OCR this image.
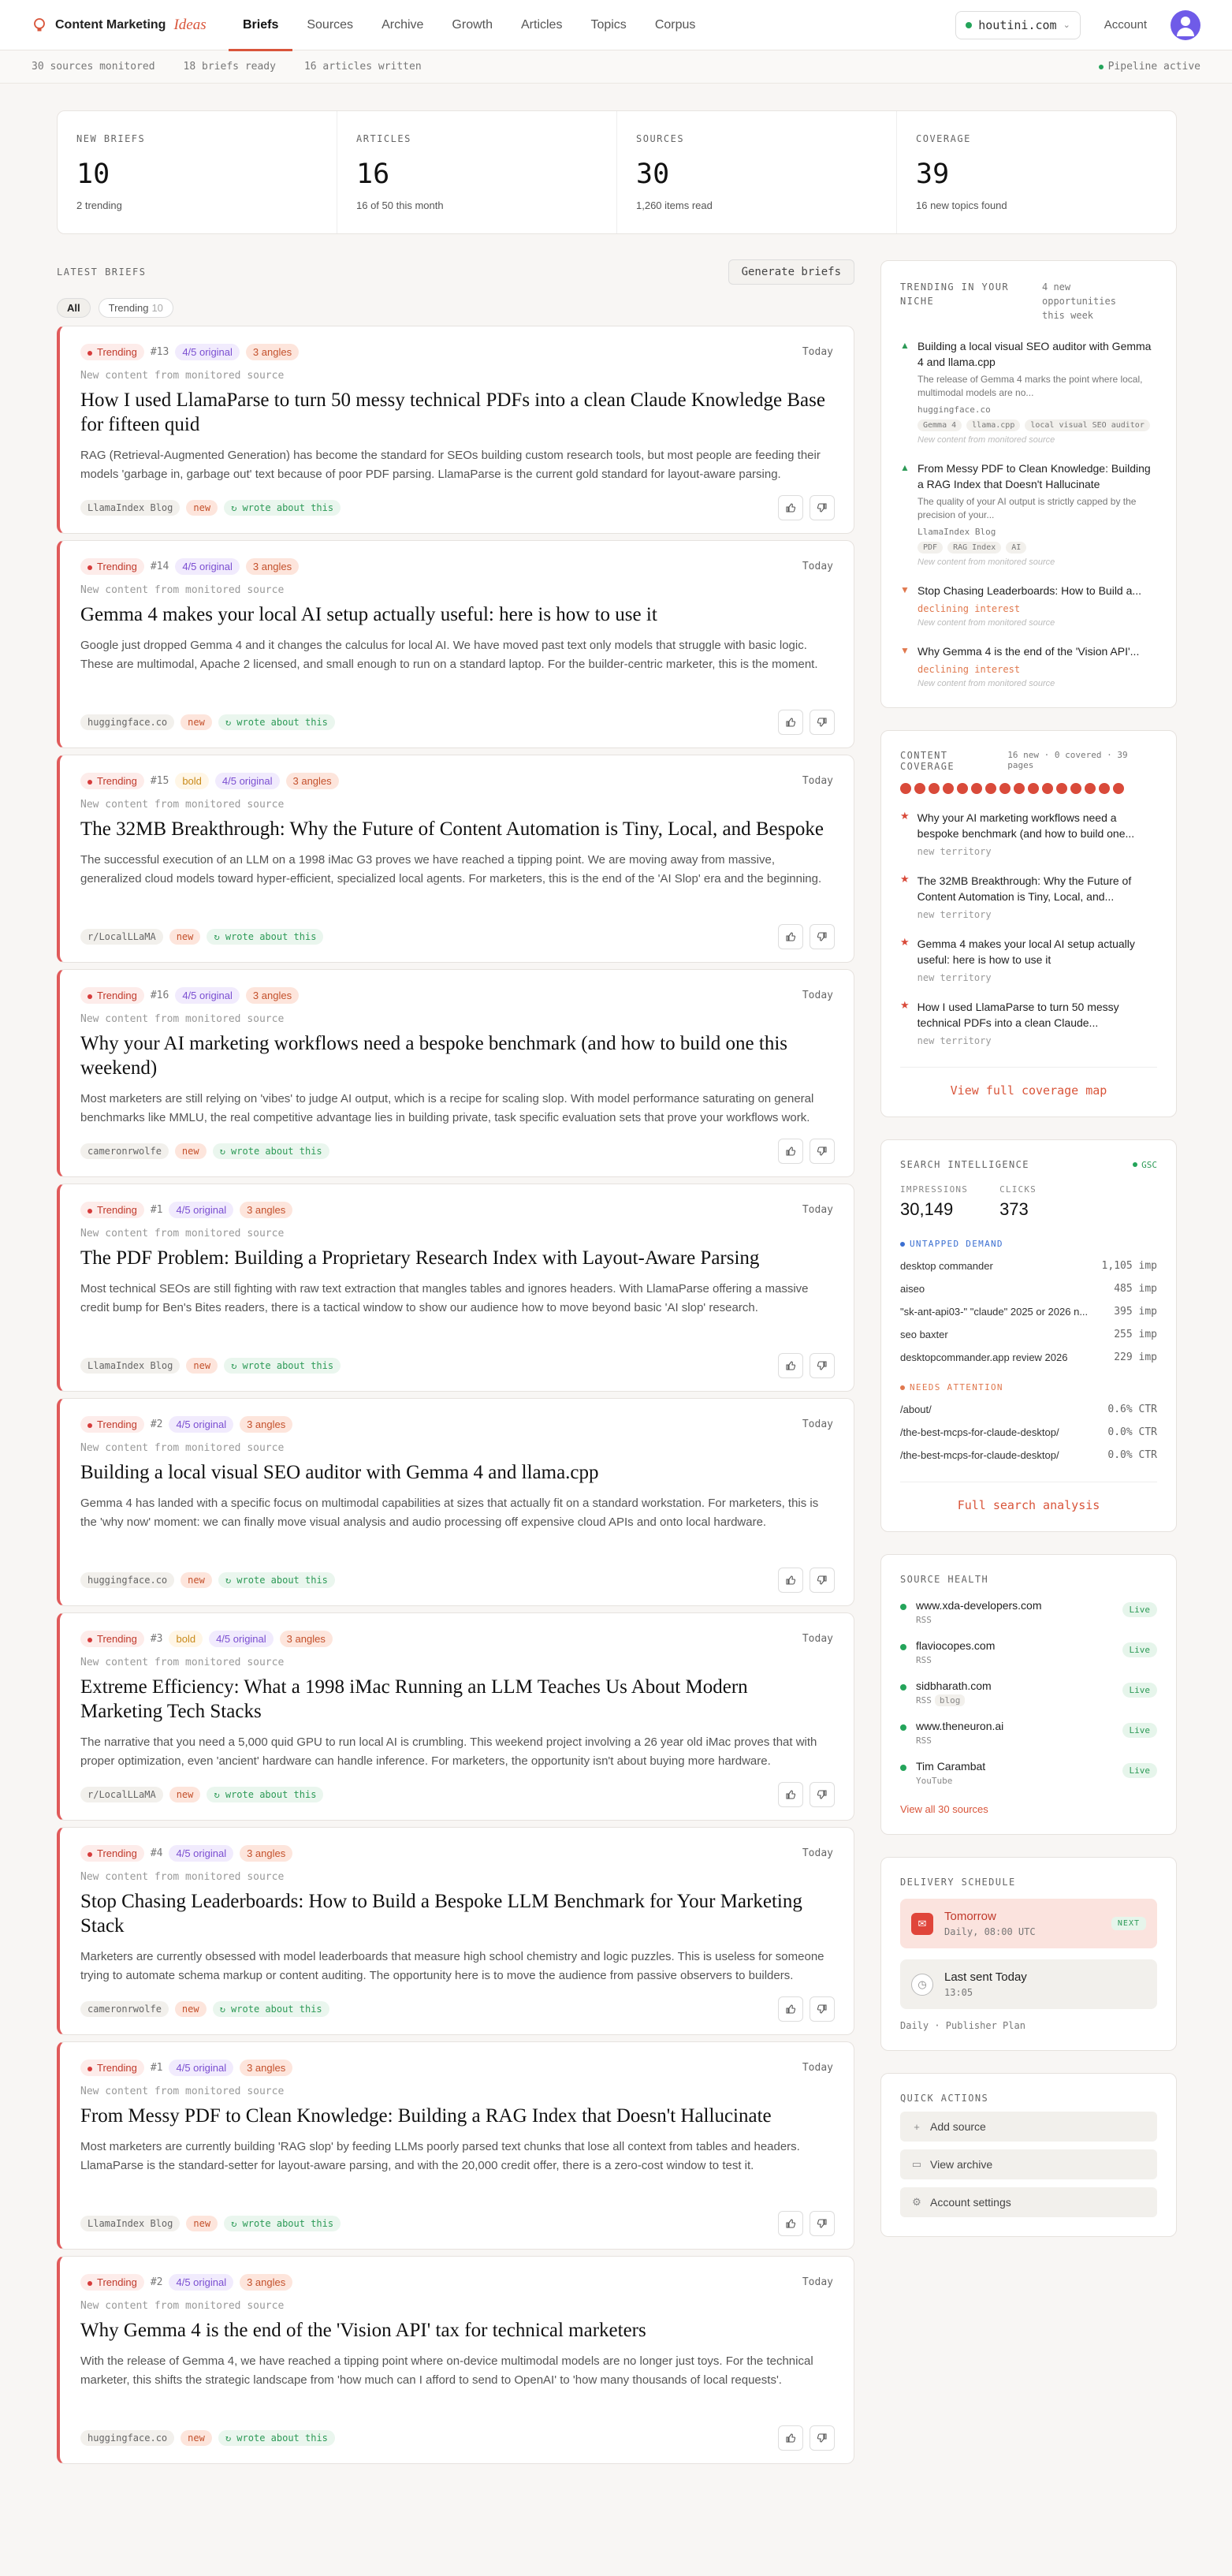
Content Marketing Ideas	Briefs	Sources	Archive	Growth	Articles	Topics	Corpus	houtini.com ⌄	Account
30 sources monitored	18 briefs ready	16 articles written	Pipeline active
NEW BRIEFS
10
2 trending
ARTICLES
16
16 of 50 this month
SOURCES
30
1,260 items read
COVERAGE
39
16 new topics found
LATEST BRIEFS	Generate briefs
All	Trending 10
Trending	#13	4/5 original	3 angles	Today
New content from monitored source
How I used LlamaParse to turn 50 messy technical PDFs into a clean Claude Knowledge Base for fifteen quid
RAG (Retrieval-Augmented Generation) has become the standard for SEOs building custom research tools, but most people are feeding their models 'garbage in, garbage out' text because of poor PDF parsing. LlamaParse is the current gold standard for layout-aware parsing.
LlamaIndex Blog	new	↻ wrote about this
Trending	#14	4/5 original	3 angles	Today
New content from monitored source
Gemma 4 makes your local AI setup actually useful: here is how to use it
Google just dropped Gemma 4 and it changes the calculus for local AI. We have moved past text only models that struggle with basic logic. These are multimodal, Apache 2 licensed, and small enough to run on a standard laptop. For the builder-centric marketer, this is the moment.
huggingface.co	new	↻ wrote about this
Trending	#15	bold	4/5 original	3 angles	Today
New content from monitored source
The 32MB Breakthrough: Why the Future of Content Automation is Tiny, Local, and Bespoke
The successful execution of an LLM on a 1998 iMac G3 proves we have reached a tipping point. We are moving away from massive, generalized cloud models toward hyper-efficient, specialized local agents. For marketers, this is the end of the 'AI Slop' era and the beginning.
r/LocalLLaMA	new	↻ wrote about this
Trending	#16	4/5 original	3 angles	Today
New content from monitored source
Why your AI marketing workflows need a bespoke benchmark (and how to build one this weekend)
Most marketers are still relying on 'vibes' to judge AI output, which is a recipe for scaling slop. With model performance saturating on general benchmarks like MMLU, the real competitive advantage lies in building private, task specific evaluation sets that prove your workflows work.
cameronrwolfe	new	↻ wrote about this
Trending	#1	4/5 original	3 angles	Today
New content from monitored source
The PDF Problem: Building a Proprietary Research Index with Layout-Aware Parsing
Most technical SEOs are still fighting with raw text extraction that mangles tables and ignores headers. With LlamaParse offering a massive credit bump for Ben's Bites readers, there is a tactical window to show our audience how to move beyond basic 'AI slop' research.
LlamaIndex Blog	new	↻ wrote about this
Trending	#2	4/5 original	3 angles	Today
New content from monitored source
Building a local visual SEO auditor with Gemma 4 and llama.cpp
Gemma 4 has landed with a specific focus on multimodal capabilities at sizes that actually fit on a standard workstation. For marketers, this is the 'why now' moment: we can finally move visual analysis and audio processing off expensive cloud APIs and onto local hardware.
huggingface.co	new	↻ wrote about this
Trending	#3	bold	4/5 original	3 angles	Today
New content from monitored source
Extreme Efficiency: What a 1998 iMac Running an LLM Teaches Us About Modern Marketing Tech Stacks
The narrative that you need a 5,000 quid GPU to run local AI is crumbling. This weekend project involving a 26 year old iMac proves that with proper optimization, even 'ancient' hardware can handle inference. For marketers, the opportunity isn't about buying more hardware.
r/LocalLLaMA	new	↻ wrote about this
Trending	#4	4/5 original	3 angles	Today
New content from monitored source
Stop Chasing Leaderboards: How to Build a Bespoke LLM Benchmark for Your Marketing Stack
Marketers are currently obsessed with model leaderboards that measure high school chemistry and logic puzzles. This is useless for someone trying to automate schema markup or content auditing. The opportunity here is to move the audience from passive observers to builders.
cameronrwolfe	new	↻ wrote about this
Trending	#1	4/5 original	3 angles	Today
New content from monitored source
From Messy PDF to Clean Knowledge: Building a RAG Index that Doesn't Hallucinate
Most marketers are currently building 'RAG slop' by feeding LLMs poorly parsed text chunks that lose all context from tables and headers. LlamaParse is the standard-setter for layout-aware parsing, and with the 20,000 credit offer, there is a zero-cost window to test it.
LlamaIndex Blog	new	↻ wrote about this
Trending	#2	4/5 original	3 angles	Today
New content from monitored source
Why Gemma 4 is the end of the 'Vision API' tax for technical marketers
With the release of Gemma 4, we have reached a tipping point where on-device multimodal models are no longer just toys. For the technical marketer, this shifts the strategic landscape from 'how much can I afford to send to OpenAI' to 'how many thousands of local requests'.
huggingface.co	new	↻ wrote about this
TRENDING IN YOUR NICHE
4 new opportunities this week
▲ Building a local visual SEO auditor with Gemma 4 and llama.cpp
The release of Gemma 4 marks the point where local, multimodal models are no...
huggingface.co
Gemma 4	llama.cpp	local visual SEO auditor
New content from monitored source
▲ From Messy PDF to Clean Knowledge: Building a RAG Index that Doesn't Hallucinate
The quality of your AI output is strictly capped by the precision of your...
LlamaIndex Blog
PDF	RAG Index	AI
New content from monitored source
▼ Stop Chasing Leaderboards: How to Build a...
declining interest
New content from monitored source
▼ Why Gemma 4 is the end of the 'Vision API'...
declining interest
New content from monitored source
CONTENT COVERAGE
16 new · 0 covered · 39 pages
★ Why your AI marketing workflows need a bespoke benchmark (and how to build one...
new territory
★ The 32MB Breakthrough: Why the Future of Content Automation is Tiny, Local, and...
new territory
★ Gemma 4 makes your local AI setup actually useful: here is how to use it
new territory
★ How I used LlamaParse to turn 50 messy technical PDFs into a clean Claude...
new territory
View full coverage map
SEARCH INTELLIGENCE	GSC
IMPRESSIONS
30,149
CLICKS
373
UNTAPPED DEMAND
desktop commander	1,105 imp
aiseo	485 imp
"sk-ant-api03-" "claude" 2025 or 2026 n...	395 imp
seo baxter	255 imp
desktopcommander.app review 2026	229 imp
NEEDS ATTENTION
/about/	0.6% CTR
/the-best-mcps-for-claude-desktop/	0.0% CTR
/the-best-mcps-for-claude-desktop/	0.0% CTR
Full search analysis
SOURCE HEALTH
www.xda-developers.com
RSS
Live
flaviocopes.com
RSS
Live
sidbharath.com
RSS blog
Live
www.theneuron.ai
RSS
Live
Tim Carambat
YouTube
Live
View all 30 sources
DELIVERY SCHEDULE
✉	Tomorrow
Daily, 08:00 UTC
NEXT
◷	Last sent Today
13:05
Daily · Publisher Plan
QUICK ACTIONS
+ Add source
▭ View archive
⚙ Account settings
